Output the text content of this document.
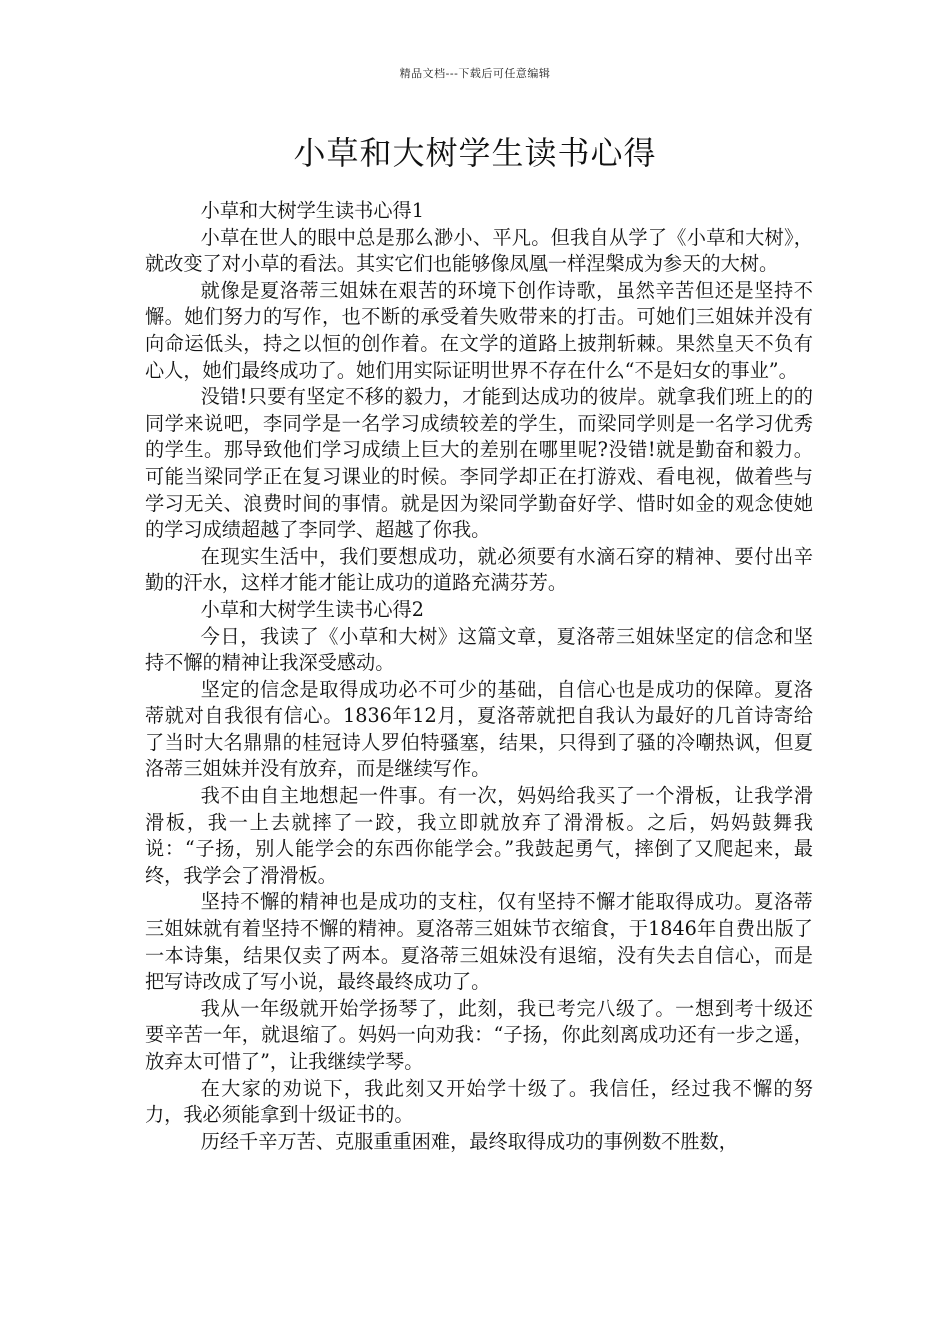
精品文档---下载后可任意编辑
小草和大树学生读书心得

小草和大树学生读书心得1

小草在世人的眼中总是那么渺小、平凡。但我自从学了《小草和大树》，就改变了对小草的看法。其实它们也能够像凤凰一样涅槃成为参天的大树。

就像是夏洛蒂三姐妹在艰苦的环境下创作诗歌，虽然辛苦但还是坚持不懈。她们努力的写作，也不断的承受着失败带来的打击。可她们三姐妹并没有向命运低头，持之以恒的创作着。在文学的道路上披荆斩棘。果然皇天不负有心人，她们最终成功了。她们用实际证明世界不存在什么“不是妇女的事业”。

没错!只要有坚定不移的毅力，才能到达成功的彼岸。就拿我们班上的的同学来说吧，李同学是一名学习成绩较差的学生，而梁同学则是一名学习优秀的学生。那导致他们学习成绩上巨大的差别在哪里呢?没错!就是勤奋和毅力。可能当梁同学正在复习课业的时候。李同学却正在打游戏、看电视，做着些与学习无关、浪费时间的事情。就是因为梁同学勤奋好学、惜时如金的观念使她的学习成绩超越了李同学、超越了你我。

在现实生活中，我们要想成功，就必须要有水滴石穿的精神、要付出辛勤的汗水，这样才能才能让成功的道路充满芬芳。

小草和大树学生读书心得2

今日，我读了《小草和大树》这篇文章，夏洛蒂三姐妹坚定的信念和坚持不懈的精神让我深受感动。

坚定的信念是取得成功必不可少的基础，自信心也是成功的保障。夏洛蒂就对自我很有信心。1836年12月，夏洛蒂就把自我认为最好的几首诗寄给了当时大名鼎鼎的桂冠诗人罗伯特骚塞，结果，只得到了骚的冷嘲热讽，但夏洛蒂三姐妹并没有放弃，而是继续写作。

我不由自主地想起一件事。有一次，妈妈给我买了一个滑板，让我学滑滑板，我一上去就摔了一跤，我立即就放弃了滑滑板。之后，妈妈鼓舞我说：“子扬，别人能学会的东西你能学会。”我鼓起勇气，摔倒了又爬起来，最终，我学会了滑滑板。

坚持不懈的精神也是成功的支柱，仅有坚持不懈才能取得成功。夏洛蒂三姐妹就有着坚持不懈的精神。夏洛蒂三姐妹节衣缩食，于1846年自费出版了一本诗集，结果仅卖了两本。夏洛蒂三姐妹没有退缩，没有失去自信心，而是把写诗改成了写小说，最终最终成功了。

我从一年级就开始学扬琴了，此刻，我已考完八级了。一想到考十级还要辛苦一年，就退缩了。妈妈一向劝我：“子扬，你此刻离成功还有一步之遥，放弃太可惜了”，让我继续学琴。

在大家的劝说下，我此刻又开始学十级了。我信任，经过我不懈的努力，我必须能拿到十级证书的。

历经千辛万苦、克服重重困难，最终取得成功的事例数不胜数，
